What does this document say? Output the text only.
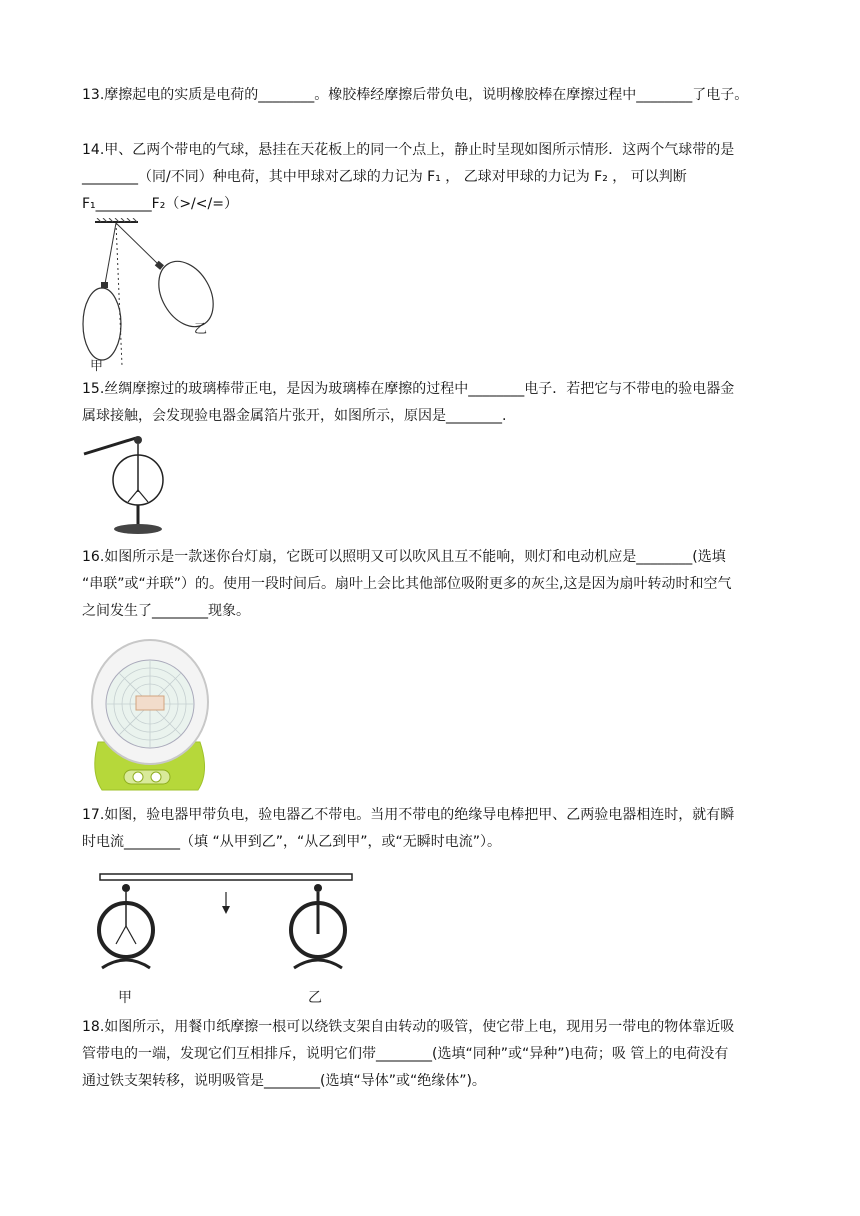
13.摩擦起电的实质是电荷的________。橡胶棒经摩擦后带负电，说明橡胶棒在摩擦过程中________了电子。

14.甲、乙两个带电的气球，悬挂在天花板上的同一个点上，静止时呈现如图所示情形．这两个气球带的是

________（同/不同）种电荷，其中甲球对乙球的力记为 F₁ ， 乙球对甲球的力记为 F₂ ， 可以判断

F₁________F₂（>/</=）

甲
乙

15.丝绸摩擦过的玻璃棒带正电，是因为玻璃棒在摩擦的过程中________电子．若把它与不带电的验电器金

属球接触，会发现验电器金属箔片张开，如图所示，原因是________.

16.如图所示是一款迷你台灯扇，它既可以照明又可以吹风且互不能响，则灯和电动机应是________(选填

“串联”或“并联”）的。使用一段时间后。扇叶上会比其他部位吸附更多的灰尘,这是因为扇叶转动时和空气

之间发生了________现象。

17.如图，验电器甲带负电，验电器乙不带电。当用不带电的绝缘导电棒把甲、乙两验电器相连时，就有瞬

时电流________（填 “从甲到乙”，“从乙到甲”，或“无瞬时电流”）。

甲	乙

18.如图所示，用餐巾纸摩擦一根可以绕铁支架自由转动的吸管，使它带上电，现用另一带电的物体靠近吸

管带电的一端，发现它们互相排斥，说明它们带________(选填“同种”或“异种”)电荷；吸 管上的电荷没有

通过铁支架转移，说明吸管是________(选填“导体”或“绝缘体”)。
